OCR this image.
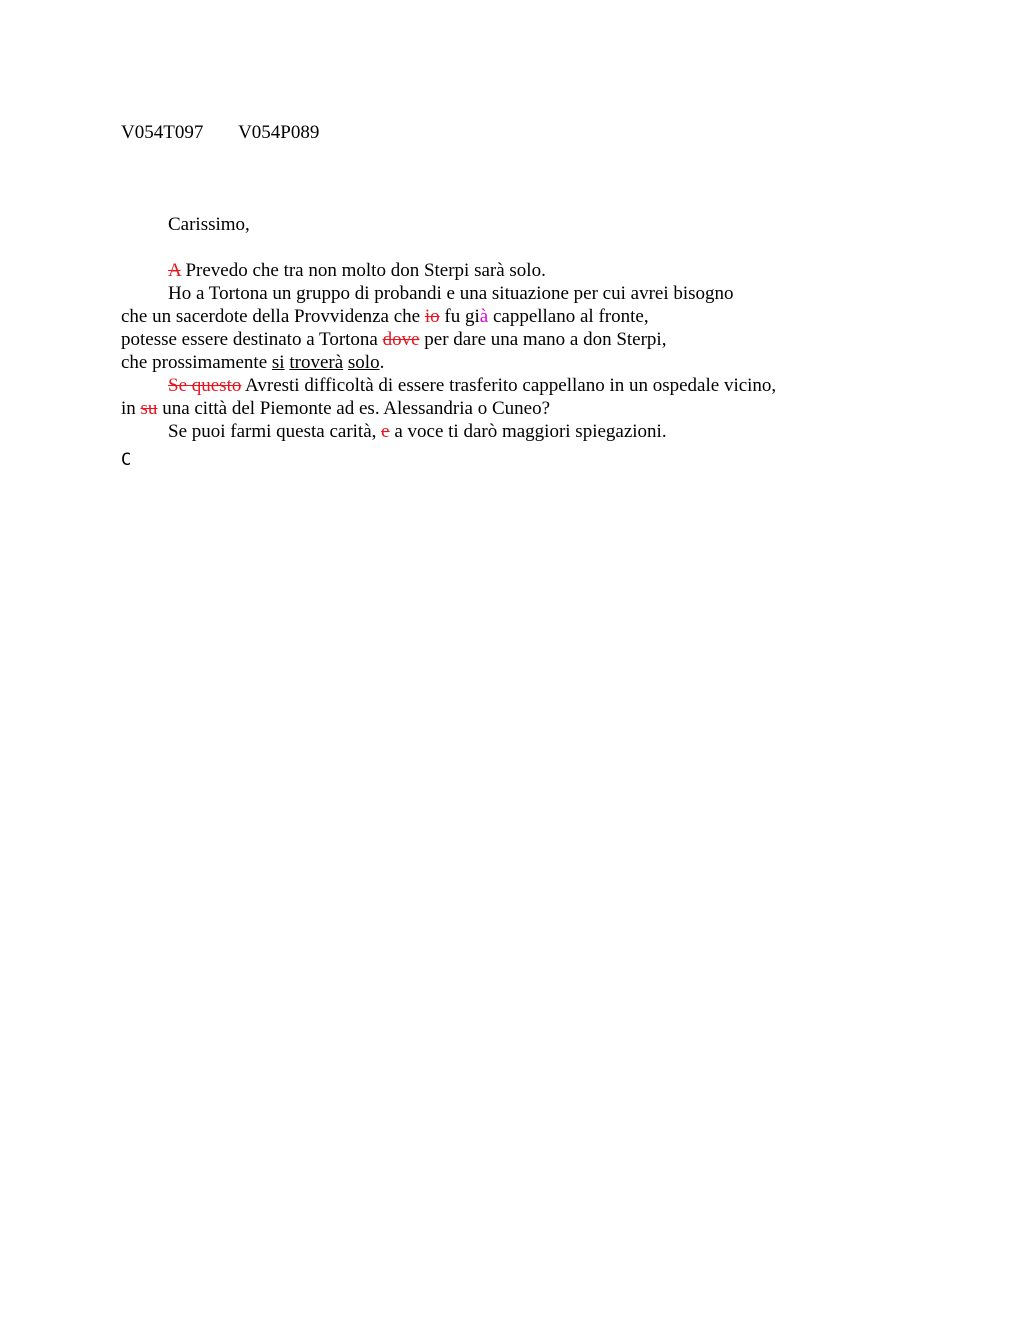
V054T097 V054P089
Carissimo,
A Prevedo che tra non molto don Sterpi sarà solo.
Ho a Tortona un gruppo di probandi e una situazione per cui avrei bisogno
che un sacerdote della Provvidenza che io fu già cappellano al fronte,
potesse essere destinato a Tortona dove per dare una mano a don Sterpi,
che prossimamente si troverà solo.
Se questo Avresti difficoltà di essere trasferito cappellano in un ospedale vicino,
in su una città del Piemonte ad es. Alessandria o Cuneo?
Se puoi farmi questa carità, e a voce ti darò maggiori spiegazioni.
C
